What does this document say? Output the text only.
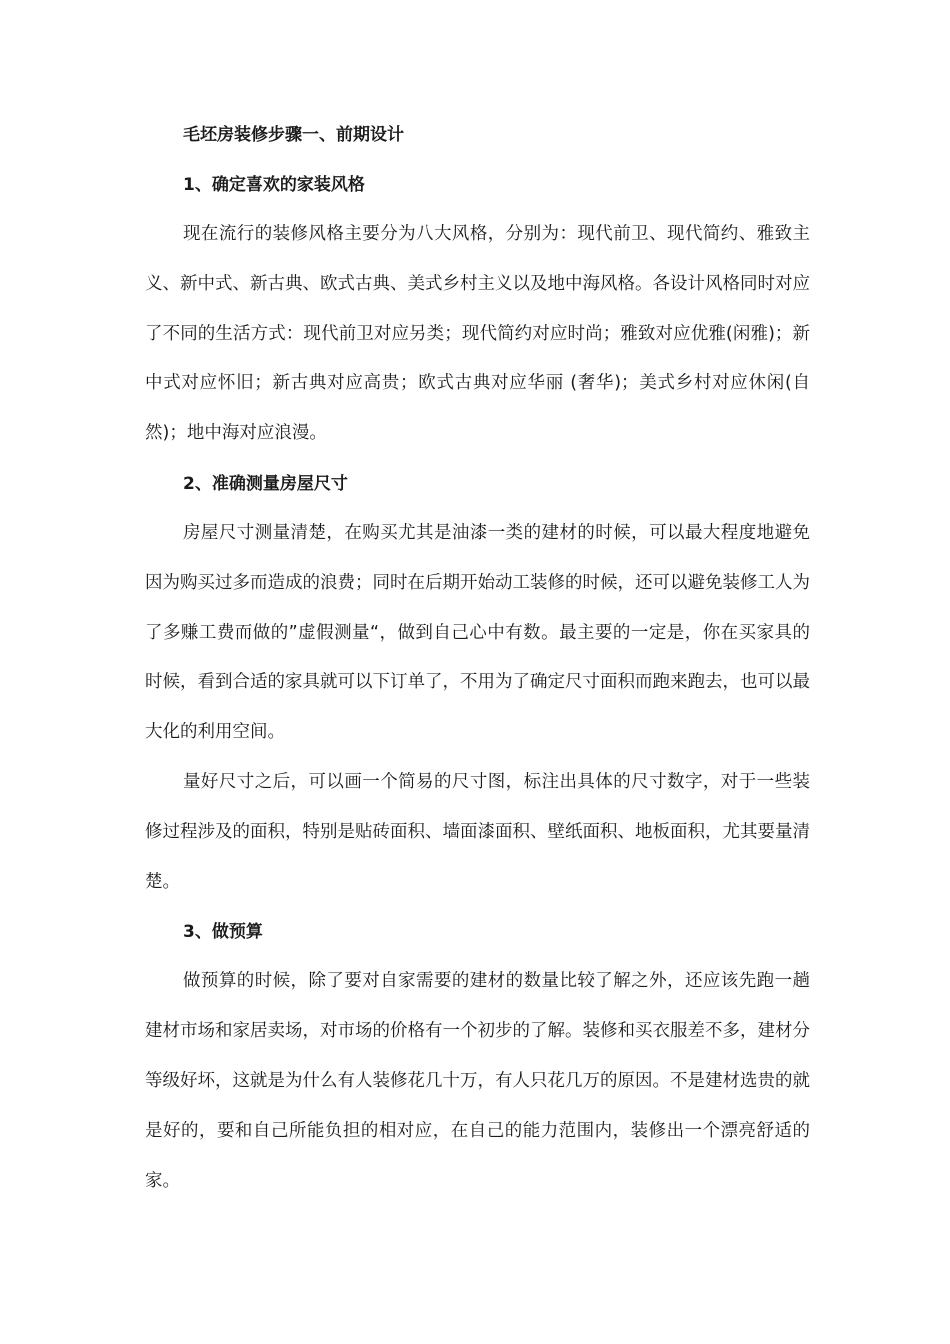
毛坯房装修步骤一、前期设计
1、确定喜欢的家装风格

现在流行的装修风格主要分为八大风格，分别为：现代前卫、现代简约、雅致主义、新中式、新古典、欧式古典、美式乡村主义以及地中海风格。各设计风格同时对应了不同的生活方式：现代前卫对应另类；现代简约对应时尚；雅致对应优雅(闲雅)；新中式对应怀旧；新古典对应高贵；欧式古典对应华丽 (奢华)；美式乡村对应休闲(自然)；地中海对应浪漫。

2、准确测量房屋尺寸

房屋尺寸测量清楚，在购买尤其是油漆一类的建材的时候，可以最大程度地避免因为购买过多而造成的浪费；同时在后期开始动工装修的时候，还可以避免装修工人为了多赚工费而做的”虚假测量“，做到自己心中有数。最主要的一定是，你在买家具的时候，看到合适的家具就可以下订单了，不用为了确定尺寸面积而跑来跑去，也可以最大化的利用空间。

量好尺寸之后，可以画一个简易的尺寸图，标注出具体的尺寸数字，对于一些装修过程涉及的面积，特别是贴砖面积、墙面漆面积、壁纸面积、地板面积，尤其要量清楚。

3、做预算

做预算的时候，除了要对自家需要的建材的数量比较了解之外，还应该先跑一趟建材市场和家居卖场，对市场的价格有一个初步的了解。装修和买衣服差不多，建材分等级好坏，这就是为什么有人装修花几十万，有人只花几万的原因。不是建材选贵的就是好的，要和自己所能负担的相对应，在自己的能力范围内，装修出一个漂亮舒适的家。
